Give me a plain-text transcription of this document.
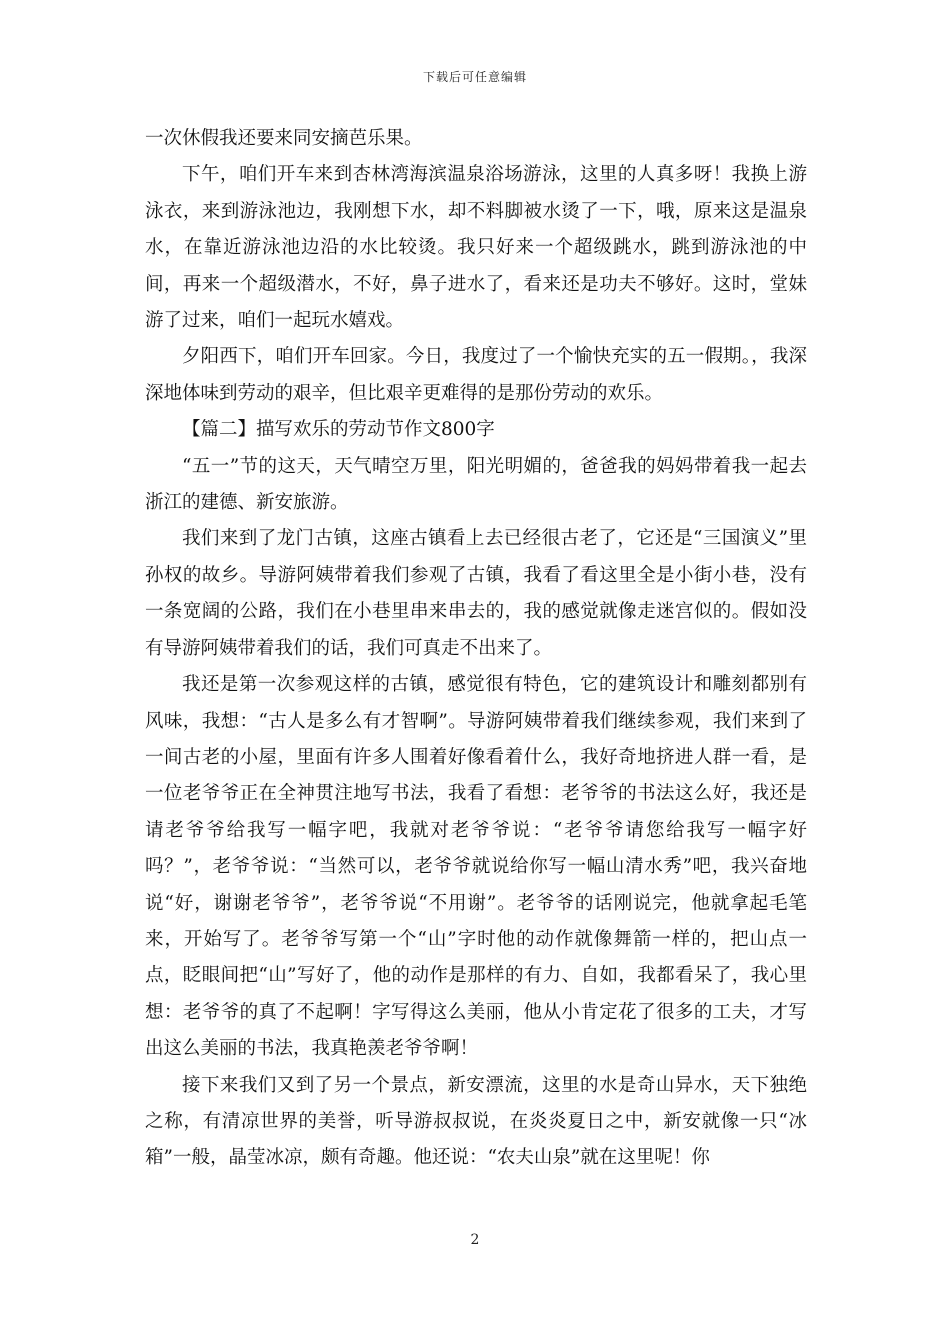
下载后可任意编辑

一次休假我还要来同安摘芭乐果。

下午，咱们开车来到杏林湾海滨温泉浴场游泳，这里的人真多呀！我换上游泳衣，来到游泳池边，我刚想下水，却不料脚被水烫了一下，哦，原来这是温泉水，在靠近游泳池边沿的水比较烫。我只好来一个超级跳水，跳到游泳池的中间，再来一个超级潜水，不好，鼻子进水了，看来还是功夫不够好。这时，堂妹游了过来，咱们一起玩水嬉戏。

夕阳西下，咱们开车回家。今日，我度过了一个愉快充实的五一假期。，我深深地体味到劳动的艰辛，但比艰辛更难得的是那份劳动的欢乐。

【篇二】描写欢乐的劳动节作文800字

“五一”节的这天，天气晴空万里，阳光明媚的，爸爸我的妈妈带着我一起去浙江的建德、新安旅游。

我们来到了龙门古镇，这座古镇看上去已经很古老了，它还是“三国演义”里孙权的故乡。导游阿姨带着我们参观了古镇，我看了看这里全是小街小巷，没有一条宽阔的公路，我们在小巷里串来串去的，我的感觉就像走迷宫似的。假如没有导游阿姨带着我们的话，我们可真走不出来了。

我还是第一次参观这样的古镇，感觉很有特色，它的建筑设计和雕刻都别有风味，我想：“古人是多么有才智啊”。导游阿姨带着我们继续参观，我们来到了一间古老的小屋，里面有许多人围着好像看着什么，我好奇地挤进人群一看，是一位老爷爷正在全神贯注地写书法，我看了看想：老爷爷的书法这么好，我还是请老爷爷给我写一幅字吧，我就对老爷爷说：“老爷爷请您给我写一幅字好吗？”，老爷爷说：“当然可以，老爷爷就说给你写一幅山清水秀”吧，我兴奋地说“好，谢谢老爷爷”，老爷爷说“不用谢”。老爷爷的话刚说完，他就拿起毛笔来，开始写了。老爷爷写第一个“山”字时他的动作就像舞箭一样的，把山点一点，眨眼间把“山”写好了，他的动作是那样的有力、自如，我都看呆了，我心里想：老爷爷的真了不起啊！字写得这么美丽，他从小肯定花了很多的工夫，才写出这么美丽的书法，我真艳羡老爷爷啊！

接下来我们又到了另一个景点，新安漂流，这里的水是奇山异水，天下独绝之称，有清凉世界的美誉，听导游叔叔说，在炎炎夏日之中，新安就像一只“冰箱”一般，晶莹冰凉，颇有奇趣。他还说：“农夫山泉”就在这里呢！你

2
